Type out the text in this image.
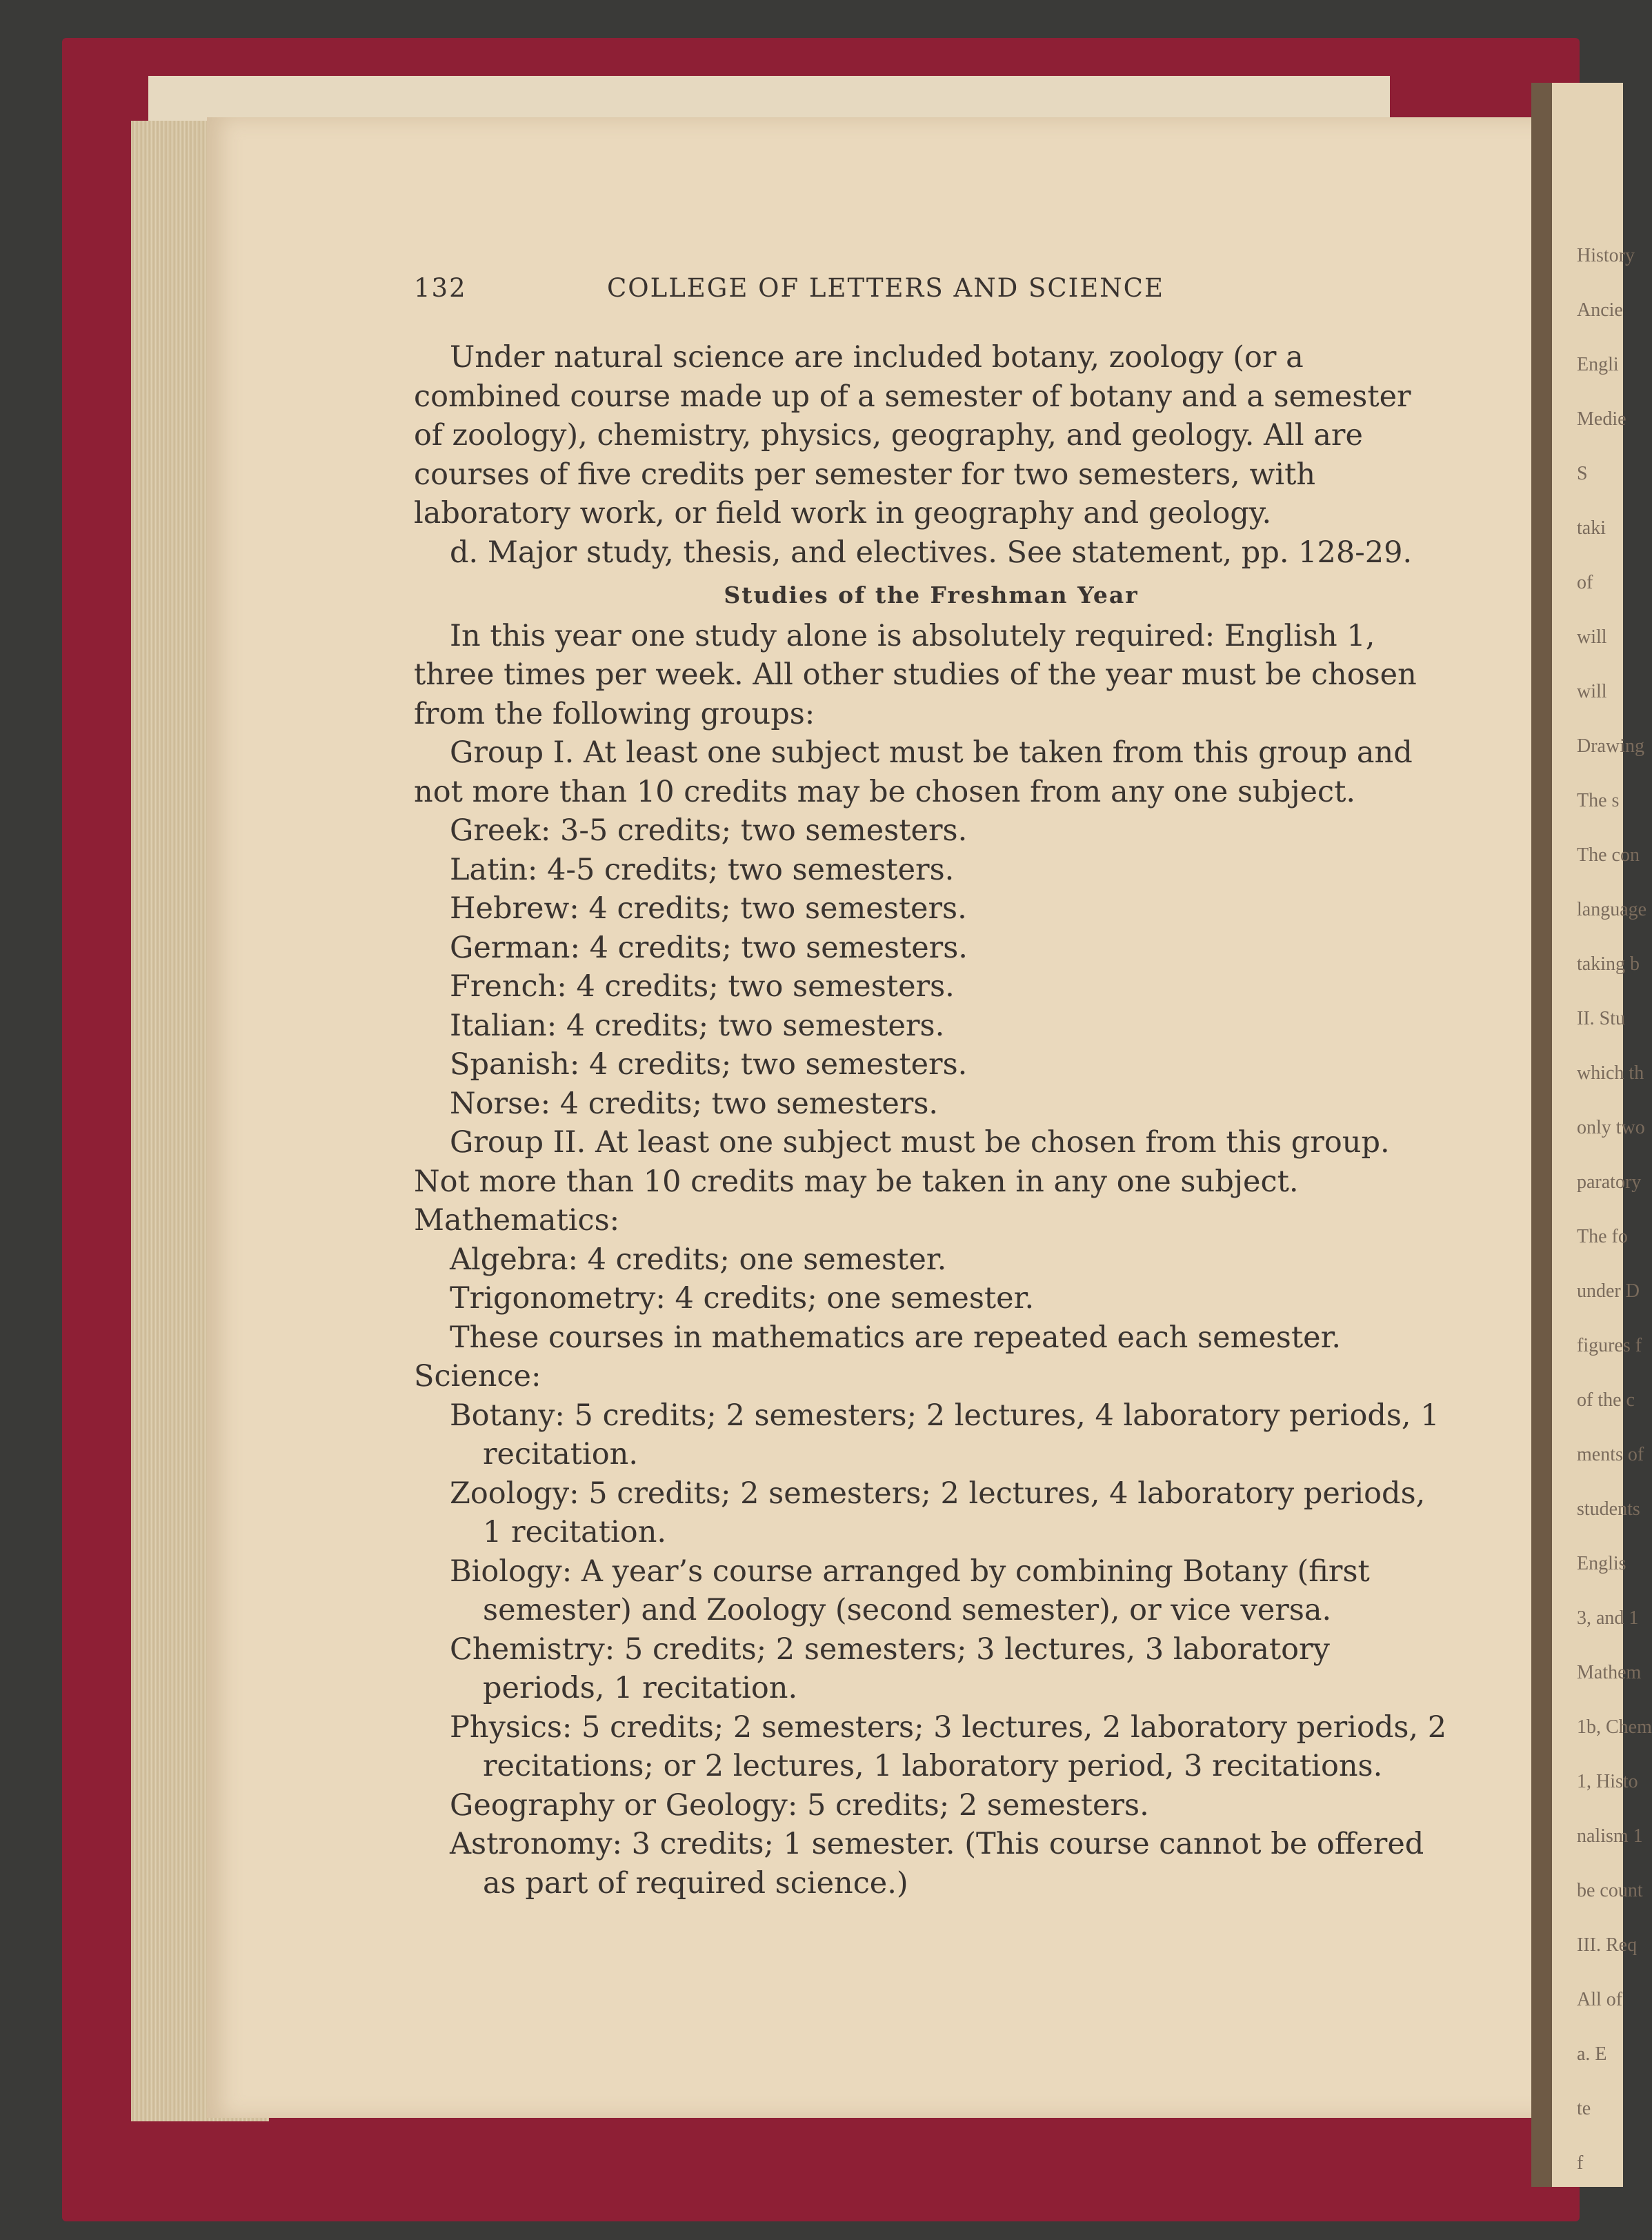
History
Ancie
Engli
Medie
S
taki
of
will
will
Drawing
The s
The con
language
taking b
II. Stu
which th
only two
paratory
The fo
under D
figures f
of the c
ments of
students
Englis
3, and 1
Mathem
1b, Chem
1, Histo
nalism 1
be count
III. Req
All of
a. E
te
f
132	COLLEGE OF LETTERS AND SCIENCE

Under natural science are included botany, zoology (or a combined course made up of a semester of botany and a semester of zoology), chemistry, physics, geography, and geology. All are courses of five credits per semester for two semesters, with laboratory work, or field work in geography and geology.

d. Major study, thesis, and electives. See statement, pp. 128-29.

Studies of the Freshman Year

In this year one study alone is absolutely required: English 1, three times per week. All other studies of the year must be chosen from the following groups:

Group I. At least one subject must be taken from this group and not more than 10 credits may be chosen from any one subject.

Greek: 3-5 credits; two semesters.

Latin: 4-5 credits; two semesters.

Hebrew: 4 credits; two semesters.

German: 4 credits; two semesters.

French: 4 credits; two semesters.

Italian: 4 credits; two semesters.

Spanish: 4 credits; two semesters.

Norse: 4 credits; two semesters.

Group II. At least one subject must be chosen from this group. Not more than 10 credits may be taken in any one subject.

Mathematics:

Algebra: 4 credits; one semester.

Trigonometry: 4 credits; one semester.

These courses in mathematics are repeated each semester.

Science:

Botany: 5 credits; 2 semesters; 2 lectures, 4 laboratory periods, 1 recitation.

Zoology: 5 credits; 2 semesters; 2 lectures, 4 laboratory periods, 1 recitation.

Biology: A year’s course arranged by combining Botany (first semester) and Zoology (second semester), or vice versa.

Chemistry: 5 credits; 2 semesters; 3 lectures, 3 laboratory periods, 1 recitation.

Physics: 5 credits; 2 semesters; 3 lectures, 2 laboratory periods, 2 recitations; or 2 lectures, 1 laboratory period, 3 recitations.

Geography or Geology: 5 credits; 2 semesters.

Astronomy: 3 credits; 1 semester. (This course cannot be offered as part of required science.)
